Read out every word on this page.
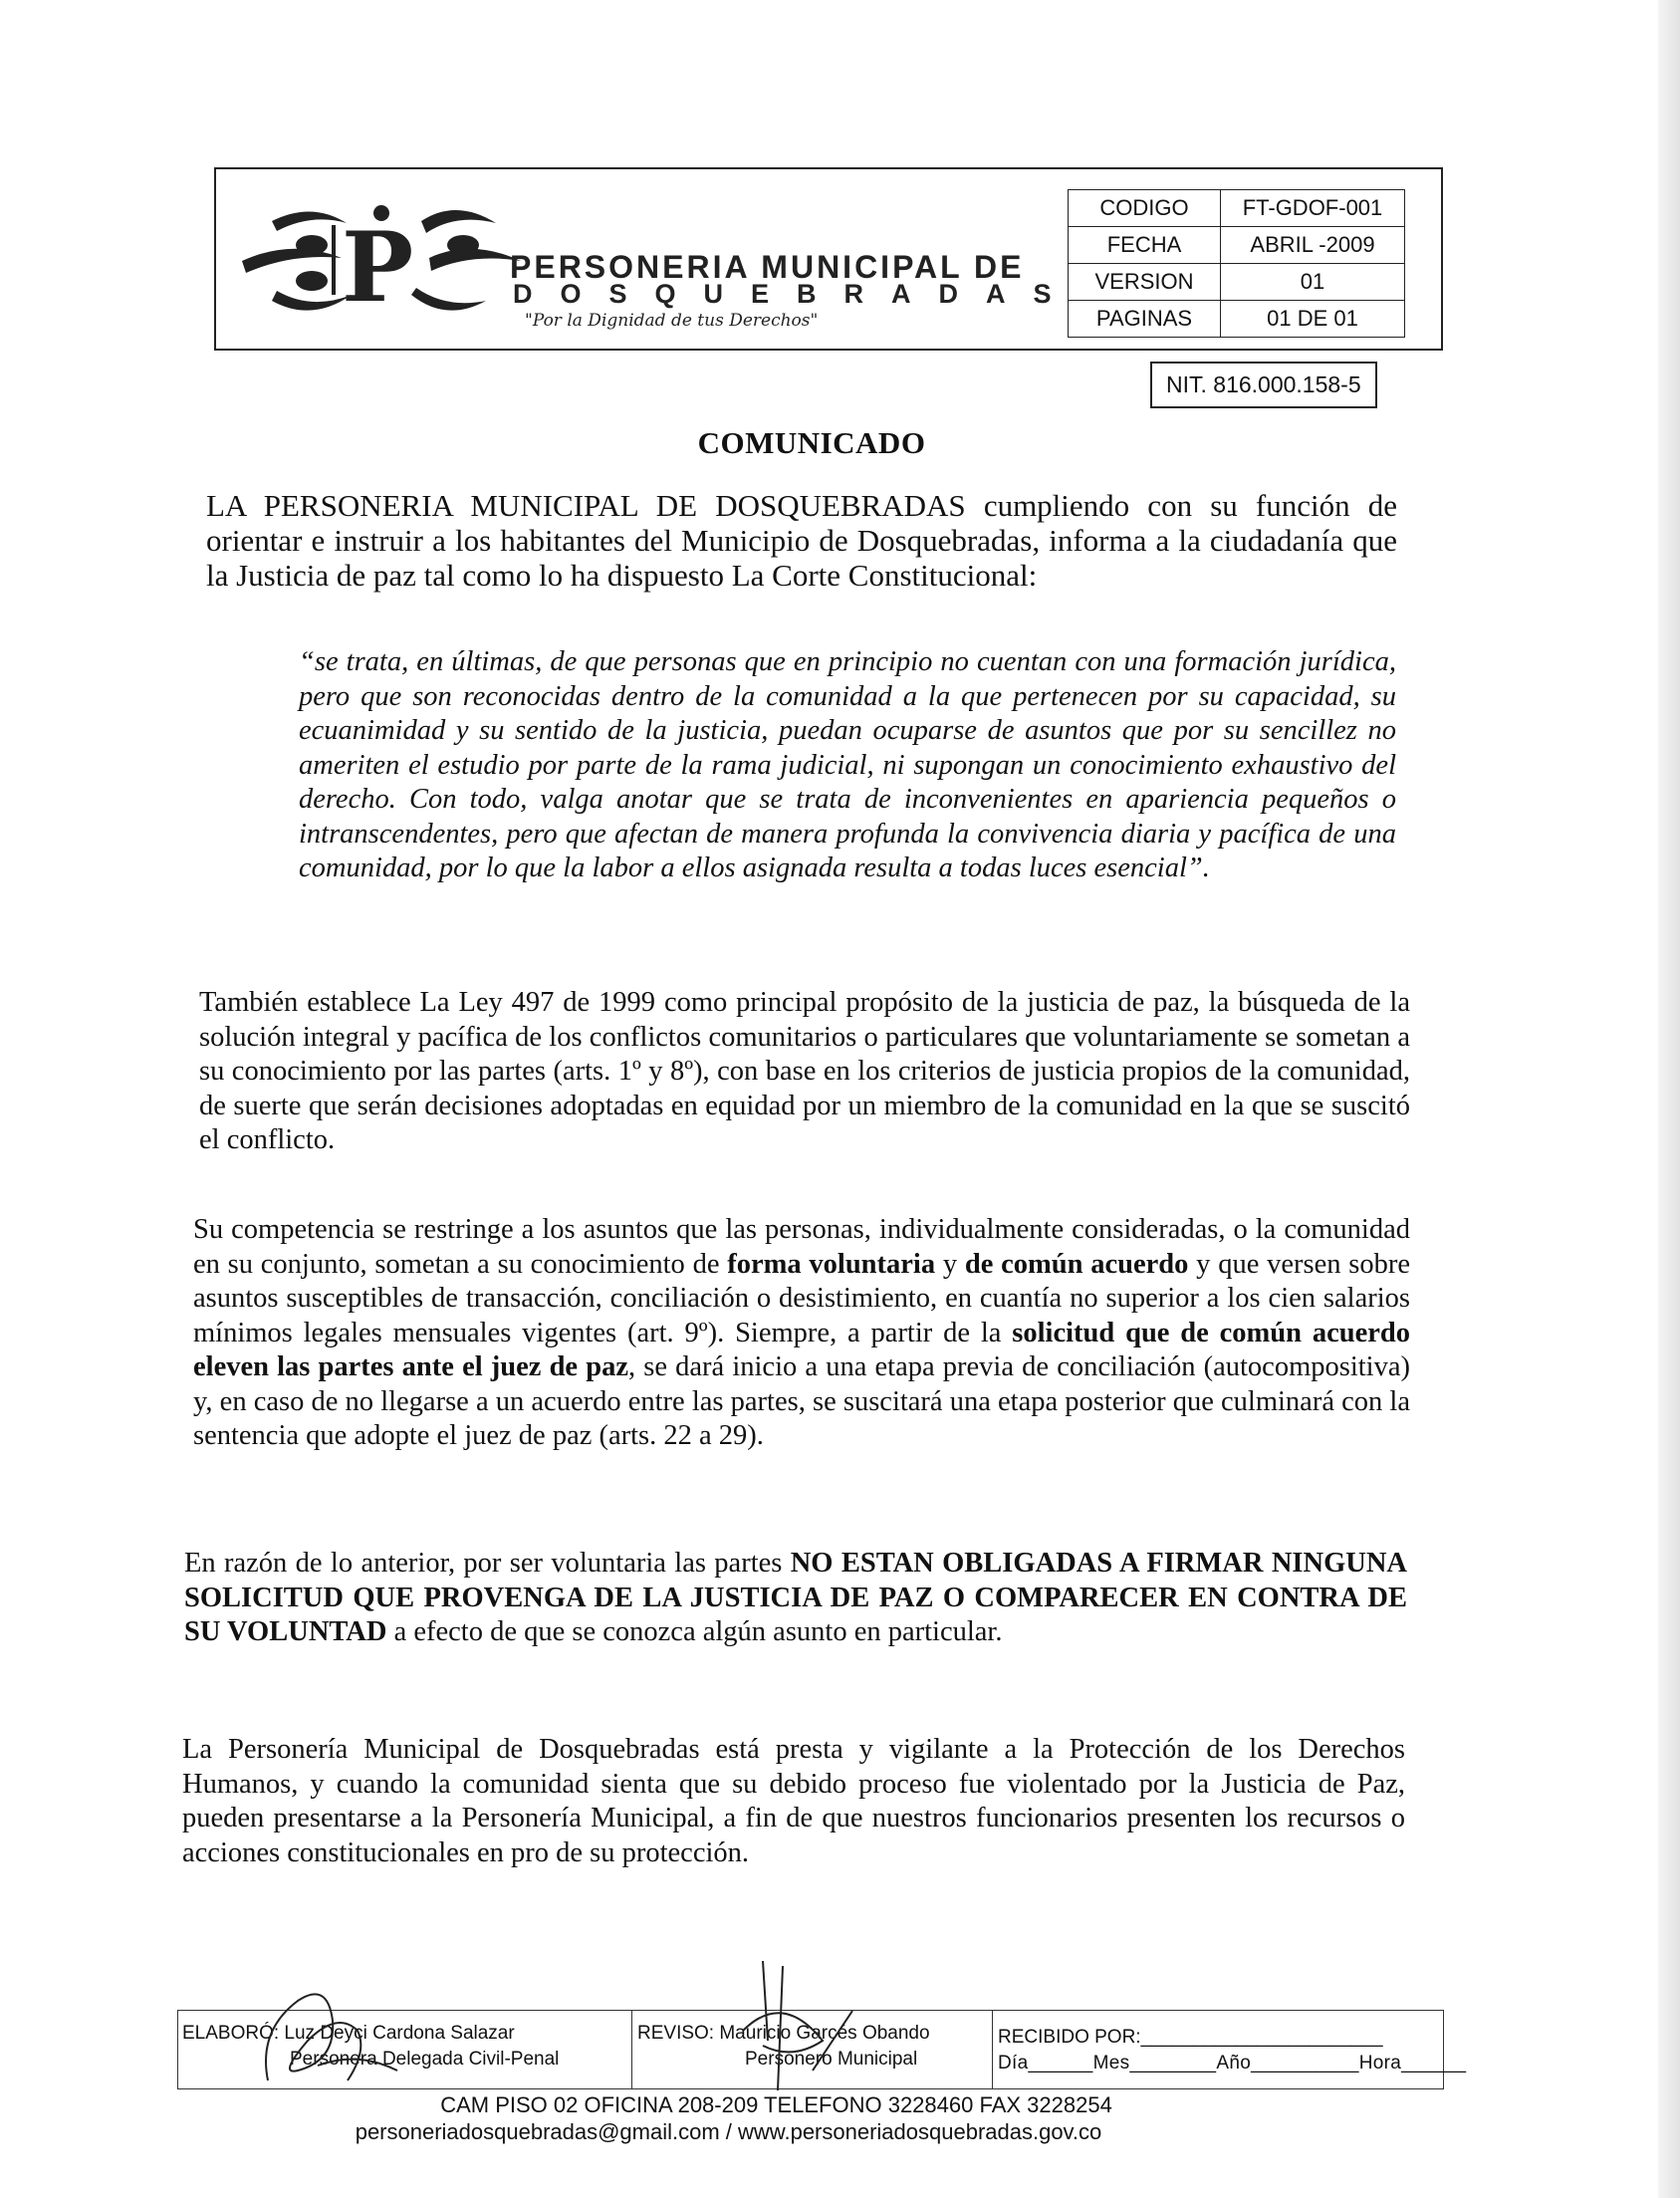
P	PERSONERIA MUNICIPAL DE
DOSQUEBRADAS
"Por la Dignidad de tus Derechos"
CODIGO	FT-GDOF-001
FECHA	ABRIL -2009
VERSION	01
PAGINAS	01 DE 01
NIT. 816.000.158-5
COMUNICADO

LA PERSONERIA MUNICIPAL DE DOSQUEBRADAS cumpliendo con su función de orientar e instruir a los habitantes del Municipio de Dosquebradas, informa a la ciudadanía que la Justicia de paz tal como lo ha dispuesto La Corte Constitucional:

“se trata, en últimas, de que personas que en principio no cuentan con una formación jurídica, pero que son reconocidas dentro de la comunidad a la que pertenecen por su capacidad, su ecuanimidad y su sentido de la justicia, puedan ocuparse de asuntos que por su sencillez no ameriten el estudio por parte de la rama judicial, ni supongan un conocimiento exhaustivo del derecho. Con todo, valga anotar que se trata de inconvenientes en apariencia pequeños o intranscendentes, pero que afectan de manera profunda la convivencia diaria y pacífica de una comunidad, por lo que la labor a ellos asignada resulta a todas luces esencial”.

También establece La Ley 497 de 1999 como principal propósito de la justicia de paz, la búsqueda de la solución integral y pacífica de los conflictos comunitarios o particulares que voluntariamente se sometan a su conocimiento por las partes (arts. 1º y 8º), con base en los criterios de justicia propios de la comunidad, de suerte que serán decisiones adoptadas en equidad por un miembro de la comunidad en la que se suscitó el conflicto.

Su competencia se restringe a los asuntos que las personas, individualmente consideradas, o la comunidad en su conjunto, sometan a su conocimiento de forma voluntaria y de común acuerdo y que versen sobre asuntos susceptibles de transacción, conciliación o desistimiento, en cuantía no superior a los cien salarios mínimos legales mensuales vigentes (art. 9º). Siempre, a partir de la solicitud que de común acuerdo eleven las partes ante el juez de paz, se dará inicio a una etapa previa de conciliación (autocompositiva) y, en caso de no llegarse a un acuerdo entre las partes, se suscitará una etapa posterior que culminará con la sentencia que adopte el juez de paz (arts. 22 a 29).

En razón de lo anterior, por ser voluntaria las partes NO ESTAN OBLIGADAS A FIRMAR NINGUNA SOLICITUD QUE PROVENGA DE LA JUSTICIA DE PAZ O COMPARECER EN CONTRA DE SU VOLUNTAD a efecto de que se conozca algún asunto en particular.

La Personería Municipal de Dosquebradas está presta y vigilante a la Protección de los Derechos Humanos, y cuando la comunidad sienta que su debido proceso fue violentado por la Justicia de Paz, pueden presentarse a la Personería Municipal, a fin de que nuestros funcionarios presenten los recursos o acciones constitucionales en pro de su protección.

ELABORÓ: Luz Deyci Cardona Salazar
Personera Delegada Civil-Penal
REVISO: Mauricio Garcés Obando
Personero Municipal
RECIBIDO POR:_______________________
Día______Mes________Año__________Hora______
CAM PISO 02 OFICINA 208-209 TELEFONO 3228460 FAX 3228254
personeriadosquebradas@gmail.com / www.personeriadosquebradas.gov.co
